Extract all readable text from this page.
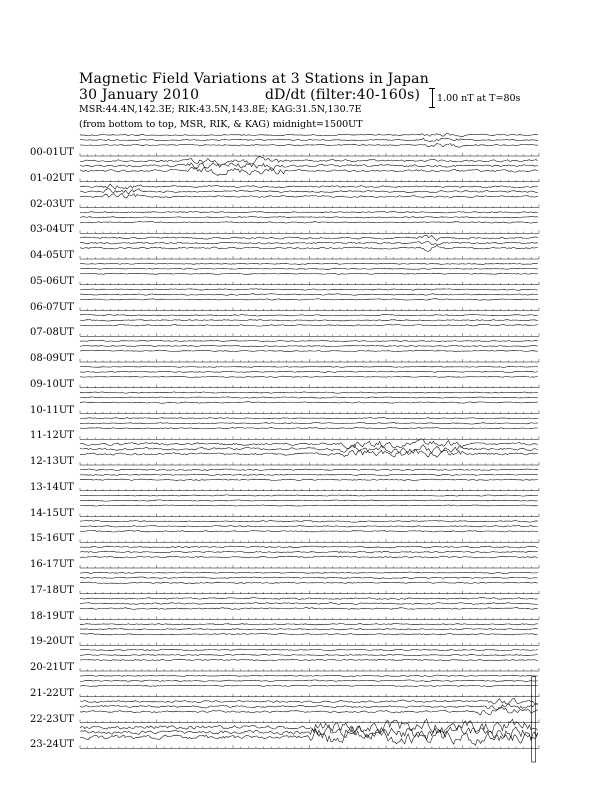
Magnetic Field Variations at 3 Stations in Japan
30 January 2010	dD/dt (filter:40-160s)
MSR:44.4N,142.3E; RIK:43.5N,143.8E; KAG:31.5N,130.7E
(from bottom to top, MSR, RIK, & KAG) midnight=1500UT
1.00 nT at T=80s
00-01UT
01-02UT
02-03UT
03-04UT
04-05UT
05-06UT
06-07UT
07-08UT
08-09UT
09-10UT
10-11UT
11-12UT
12-13UT
13-14UT
14-15UT
15-16UT
16-17UT
17-18UT
18-19UT
19-20UT
20-21UT
21-22UT
22-23UT
23-24UT
